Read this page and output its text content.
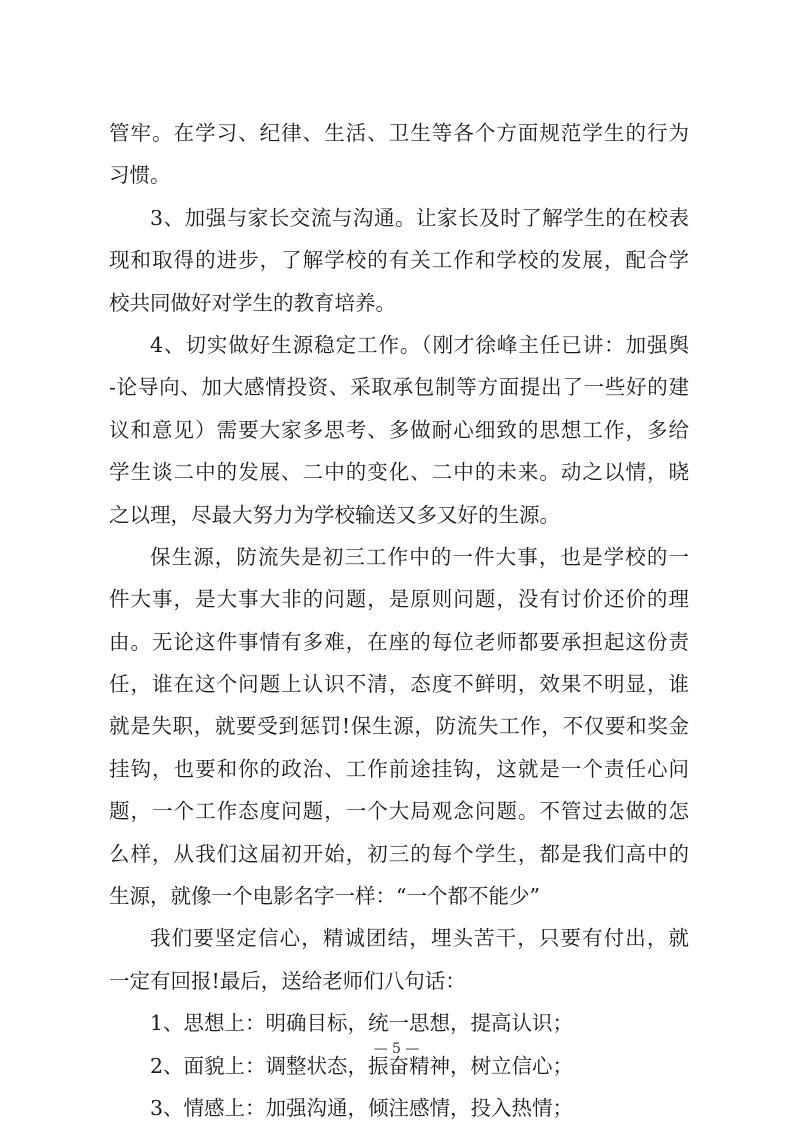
管牢。在学习、纪律、生活、卫生等各个方面规范学生的行为
习惯。
3、加强与家长交流与沟通。让家长及时了解学生的在校表
现和取得的进步，了解学校的有关工作和学校的发展，配合学
校共同做好对学生的教育培养。
4、切实做好生源稳定工作。（刚才徐峰主任已讲：加强舆
-论导向、加大感情投资、采取承包制等方面提出了一些好的建
议和意见）需要大家多思考、多做耐心细致的思想工作，多给
学生谈二中的发展、二中的变化、二中的未来。动之以情，晓
之以理，尽最大努力为学校输送又多又好的生源。
保生源，防流失是初三工作中的一件大事，也是学校的一
件大事，是大事大非的问题，是原则问题，没有讨价还价的理
由。无论这件事情有多难，在座的每位老师都要承担起这份责
任，谁在这个问题上认识不清，态度不鲜明，效果不明显，谁
就是失职，就要受到惩罚!保生源，防流失工作，不仅要和奖金
挂钩，也要和你的政治、工作前途挂钩，这就是一个责任心问
题，一个工作态度问题，一个大局观念问题。不管过去做的怎
么样，从我们这届初开始，初三的每个学生，都是我们高中的
生源，就像一个电影名字一样：“一个都不能少”
我们要坚定信心，精诚团结，埋头苦干，只要有付出，就
一定有回报!最后，送给老师们八句话：
1、思想上：明确目标，统一思想，提高认识；
2、面貌上：调整状态，振奋精神，树立信心；
3、情感上：加强沟通，倾注感情，投入热情；
— 5 —
